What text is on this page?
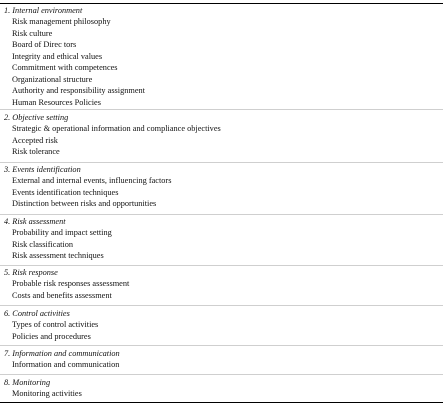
1. Internal environment
Risk management philosophy
Risk culture
Board of Direc tors
Integrity and ethical values
Commitment with competences
Organizational structure
Authority and responsibility assignment
Human Resources Policies
2. Objective setting
Strategic & operational information and compliance objectives
Accepted risk
Risk tolerance
3. Events identification
External and internal events, influencing factors
Events identification techniques
Distinction between risks and opportunities
4. Risk assessment
Probability and impact setting
Risk classification
Risk assessment techniques
5. Risk response
Probable risk responses assessment
Costs and benefits assessment
6. Control activities
Types of control activities
Policies and procedures
7. Information and communication
Information and communication
8. Monitoring
Monitoring activities
